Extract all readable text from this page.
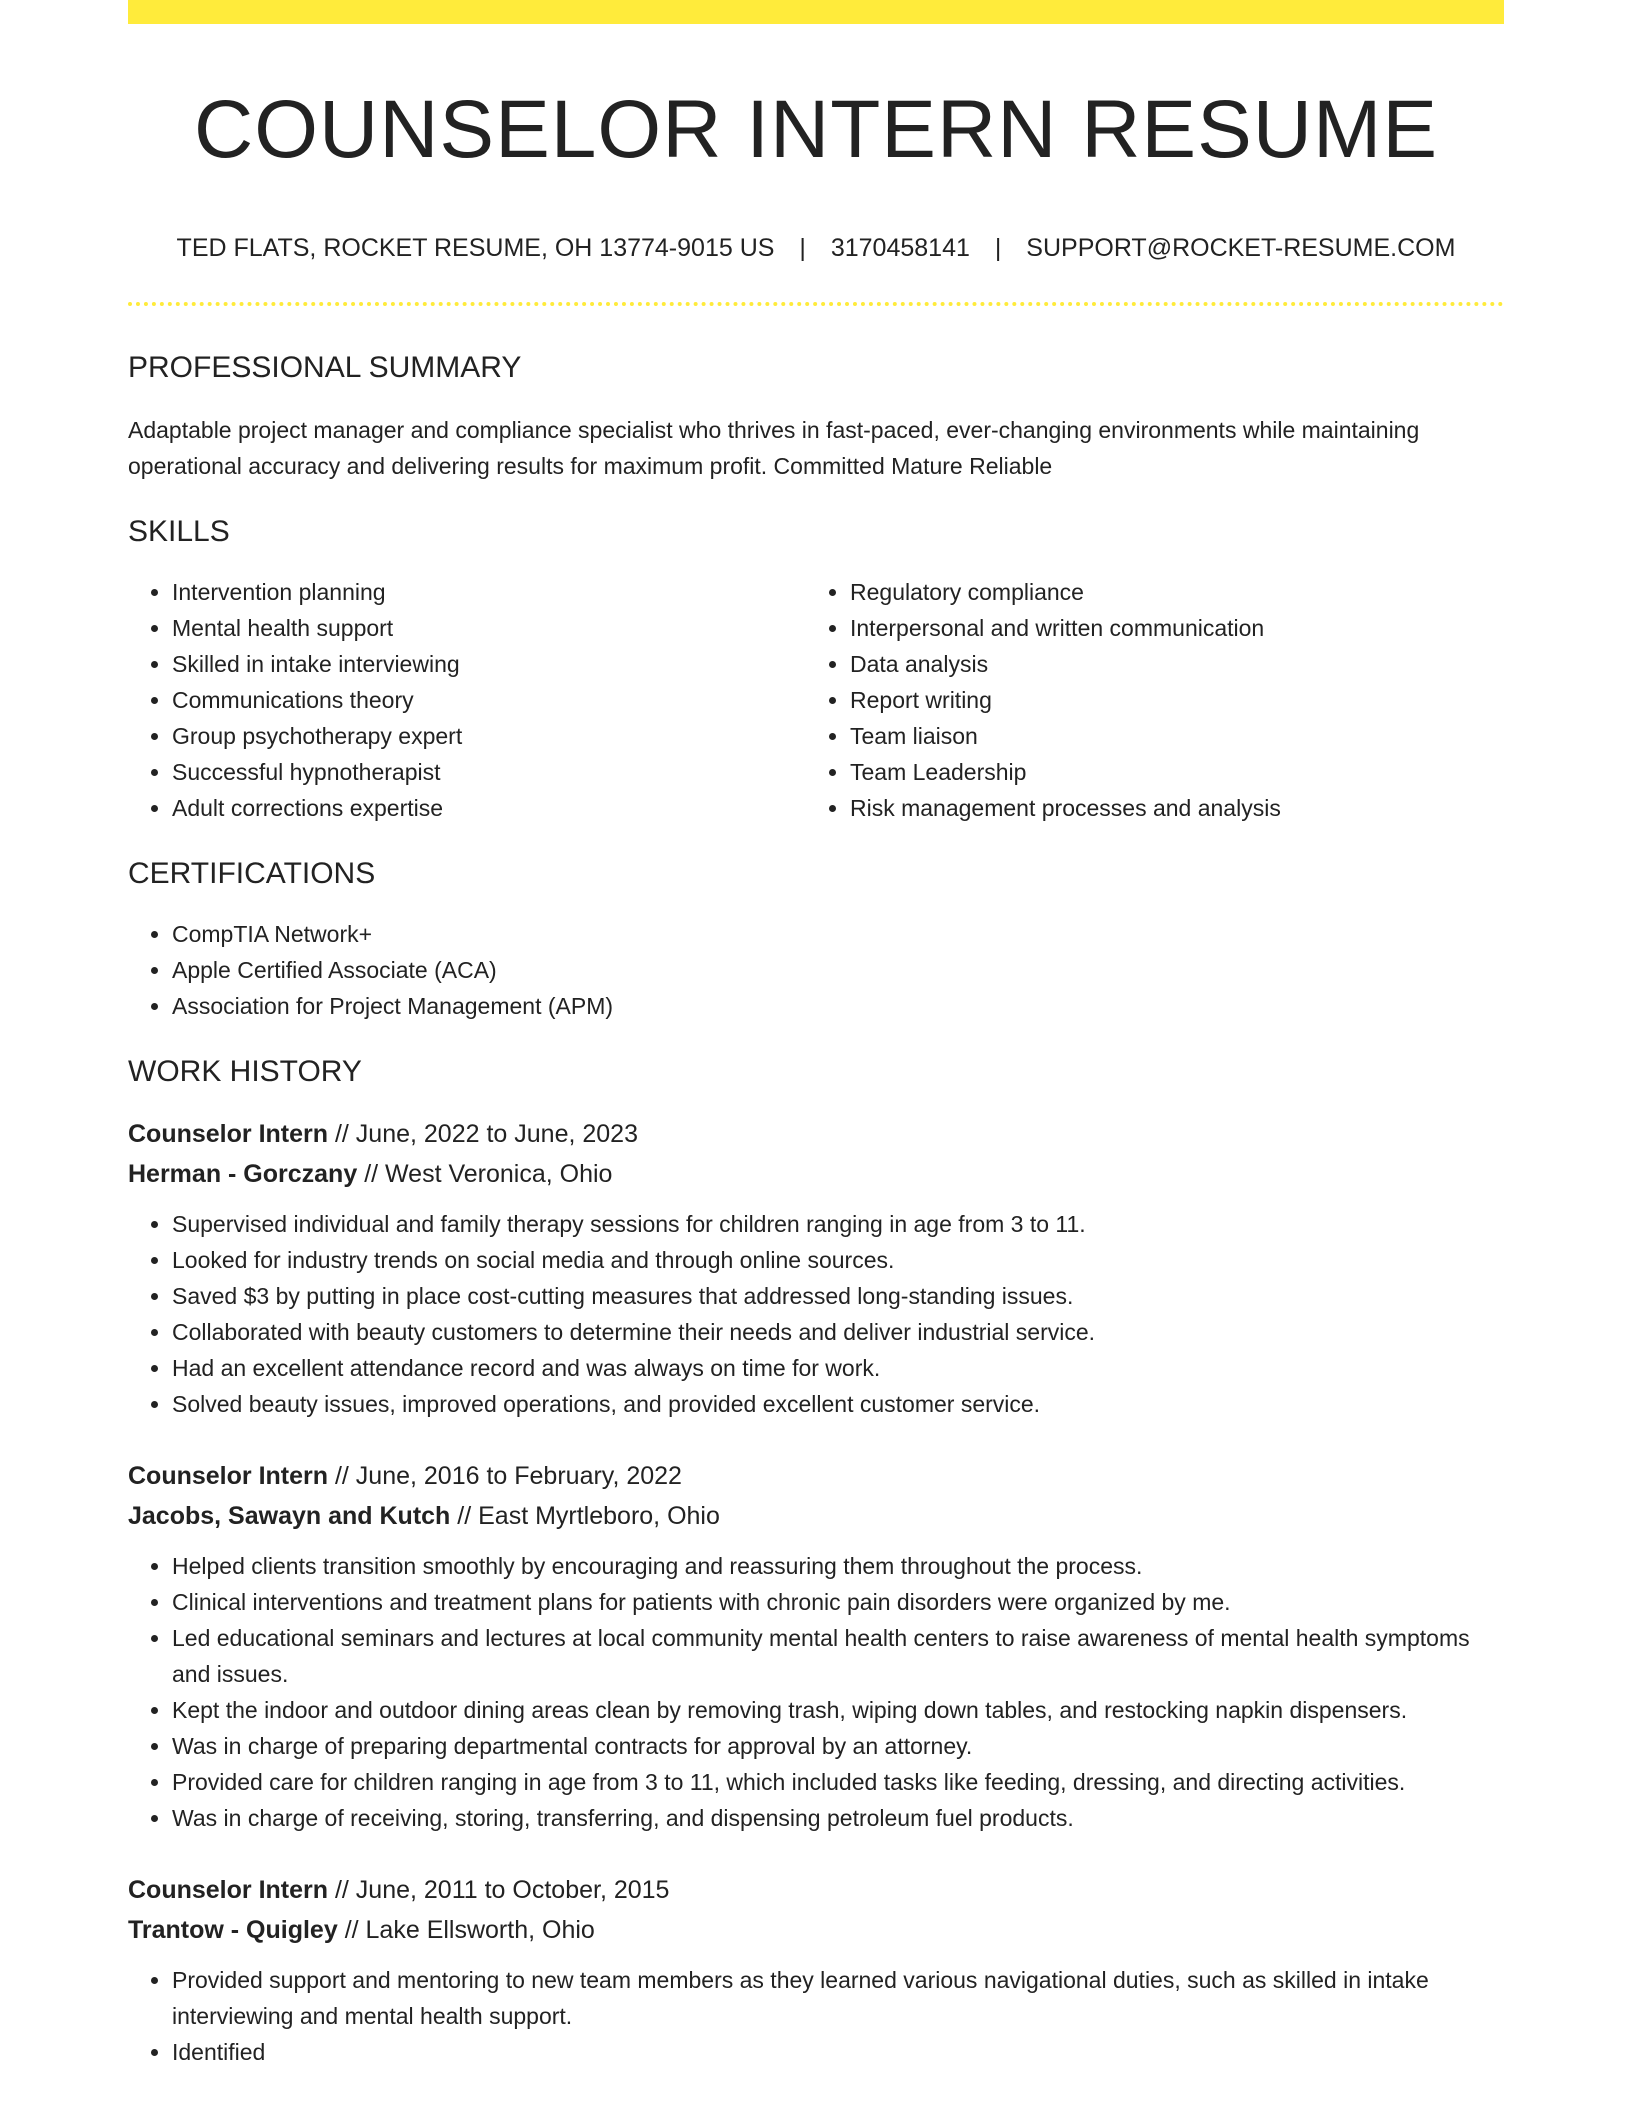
COUNSELOR INTERN RESUME
TED FLATS, ROCKET RESUME, OH 13774-9015 US | 3170458141 | SUPPORT@ROCKET-RESUME.COM
PROFESSIONAL SUMMARY

Adaptable project manager and compliance specialist who thrives in fast-paced, ever-changing environments while maintaining operational accuracy and delivering results for maximum profit. Committed Mature Reliable

SKILLS
• Intervention planning
• Mental health support
• Skilled in intake interviewing
• Communications theory
• Group psychotherapy expert
• Successful hypnotherapist
• Adult corrections expertise
• Regulatory compliance
• Interpersonal and written communication
• Data analysis
• Report writing
• Team liaison
• Team Leadership
• Risk management processes and analysis
CERTIFICATIONS
• CompTIA Network+
• Apple Certified Associate (ACA)
• Association for Project Management (APM)
WORK HISTORY
Counselor Intern // June, 2022 to June, 2023
Herman - Gorczany // West Veronica, Ohio
• Supervised individual and family therapy sessions for children ranging in age from 3 to 11.
• Looked for industry trends on social media and through online sources.
• Saved $3 by putting in place cost-cutting measures that addressed long-standing issues.
• Collaborated with beauty customers to determine their needs and deliver industrial service.
• Had an excellent attendance record and was always on time for work.
• Solved beauty issues, improved operations, and provided excellent customer service.
Counselor Intern // June, 2016 to February, 2022
Jacobs, Sawayn and Kutch // East Myrtleboro, Ohio
• Helped clients transition smoothly by encouraging and reassuring them throughout the process.
• Clinical interventions and treatment plans for patients with chronic pain disorders were organized by me.
• Led educational seminars and lectures at local community mental health centers to raise awareness of mental health symptoms and issues.
• Kept the indoor and outdoor dining areas clean by removing trash, wiping down tables, and restocking napkin dispensers.
• Was in charge of preparing departmental contracts for approval by an attorney.
• Provided care for children ranging in age from 3 to 11, which included tasks like feeding, dressing, and directing activities.
• Was in charge of receiving, storing, transferring, and dispensing petroleum fuel products.
Counselor Intern // June, 2011 to October, 2015
Trantow - Quigley // Lake Ellsworth, Ohio
• Provided support and mentoring to new team members as they learned various navigational duties, such as skilled in intake interviewing and mental health support.
• Identified
